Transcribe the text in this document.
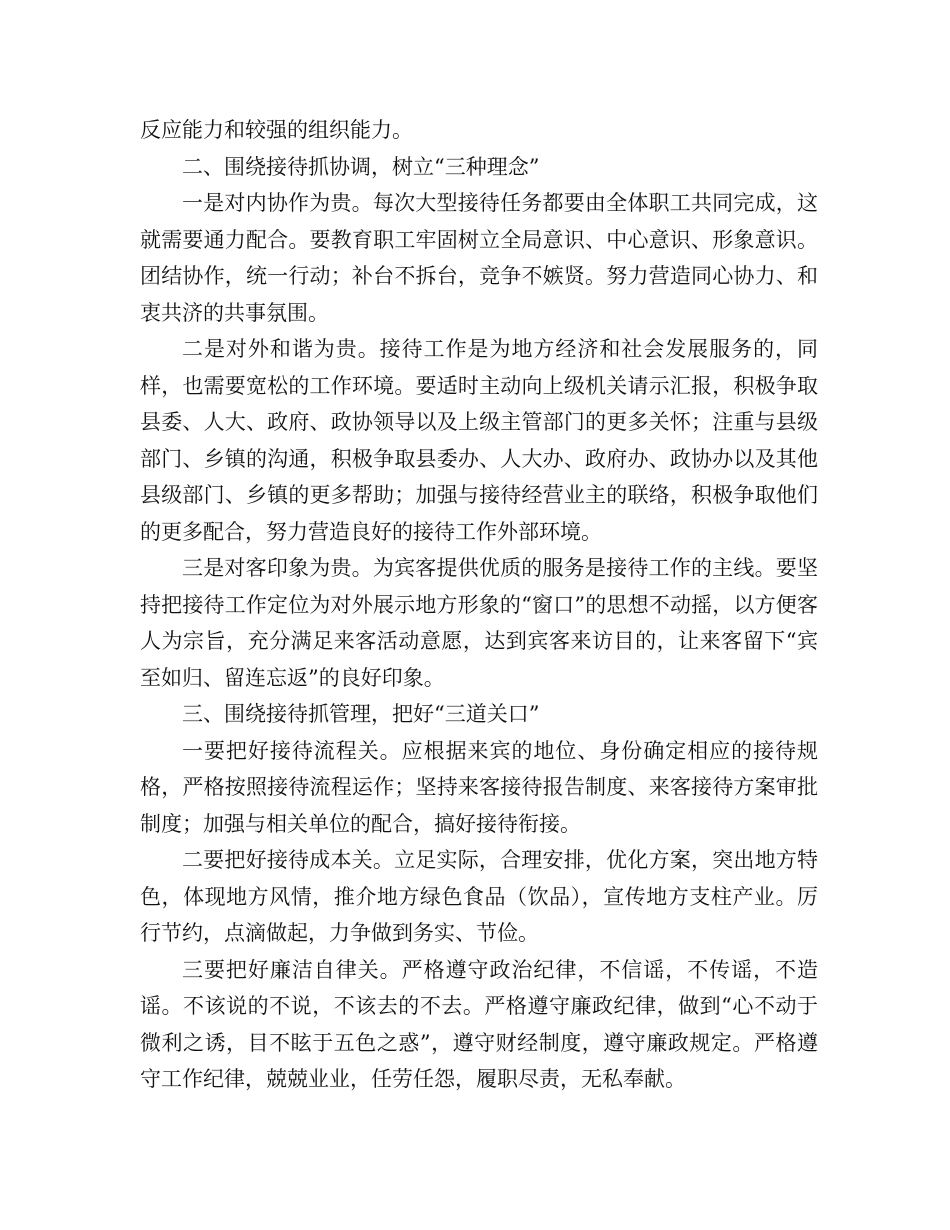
反应能力和较强的组织能力。

二、围绕接待抓协调，树立“三种理念”

一是对内协作为贵。每次大型接待任务都要由全体职工共同完成，这就需要通力配合。要教育职工牢固树立全局意识、中心意识、形象意识。团结协作，统一行动；补台不拆台，竞争不嫉贤。努力营造同心协力、和衷共济的共事氛围。

二是对外和谐为贵。接待工作是为地方经济和社会发展服务的，同样，也需要宽松的工作环境。要适时主动向上级机关请示汇报，积极争取县委、人大、政府、政协领导以及上级主管部门的更多关怀；注重与县级部门、乡镇的沟通，积极争取县委办、人大办、政府办、政协办以及其他县级部门、乡镇的更多帮助；加强与接待经营业主的联络，积极争取他们的更多配合，努力营造良好的接待工作外部环境。

三是对客印象为贵。为宾客提供优质的服务是接待工作的主线。要坚持把接待工作定位为对外展示地方形象的“窗口”的思想不动摇，以方便客人为宗旨，充分满足来客活动意愿，达到宾客来访目的，让来客留下“宾至如归、留连忘返”的良好印象。

三、围绕接待抓管理，把好“三道关口”

一要把好接待流程关。应根据来宾的地位、身份确定相应的接待规格，严格按照接待流程运作；坚持来客接待报告制度、来客接待方案审批制度；加强与相关单位的配合，搞好接待衔接。

二要把好接待成本关。立足实际，合理安排，优化方案，突出地方特色，体现地方风情，推介地方绿色食品（饮品），宣传地方支柱产业。厉行节约，点滴做起，力争做到务实、节俭。

三要把好廉洁自律关。严格遵守政治纪律，不信谣，不传谣，不造谣。不该说的不说，不该去的不去。严格遵守廉政纪律，做到“心不动于微利之诱，目不眩于五色之惑”，遵守财经制度，遵守廉政规定。严格遵守工作纪律，兢兢业业，任劳任怨，履职尽责，无私奉献。
